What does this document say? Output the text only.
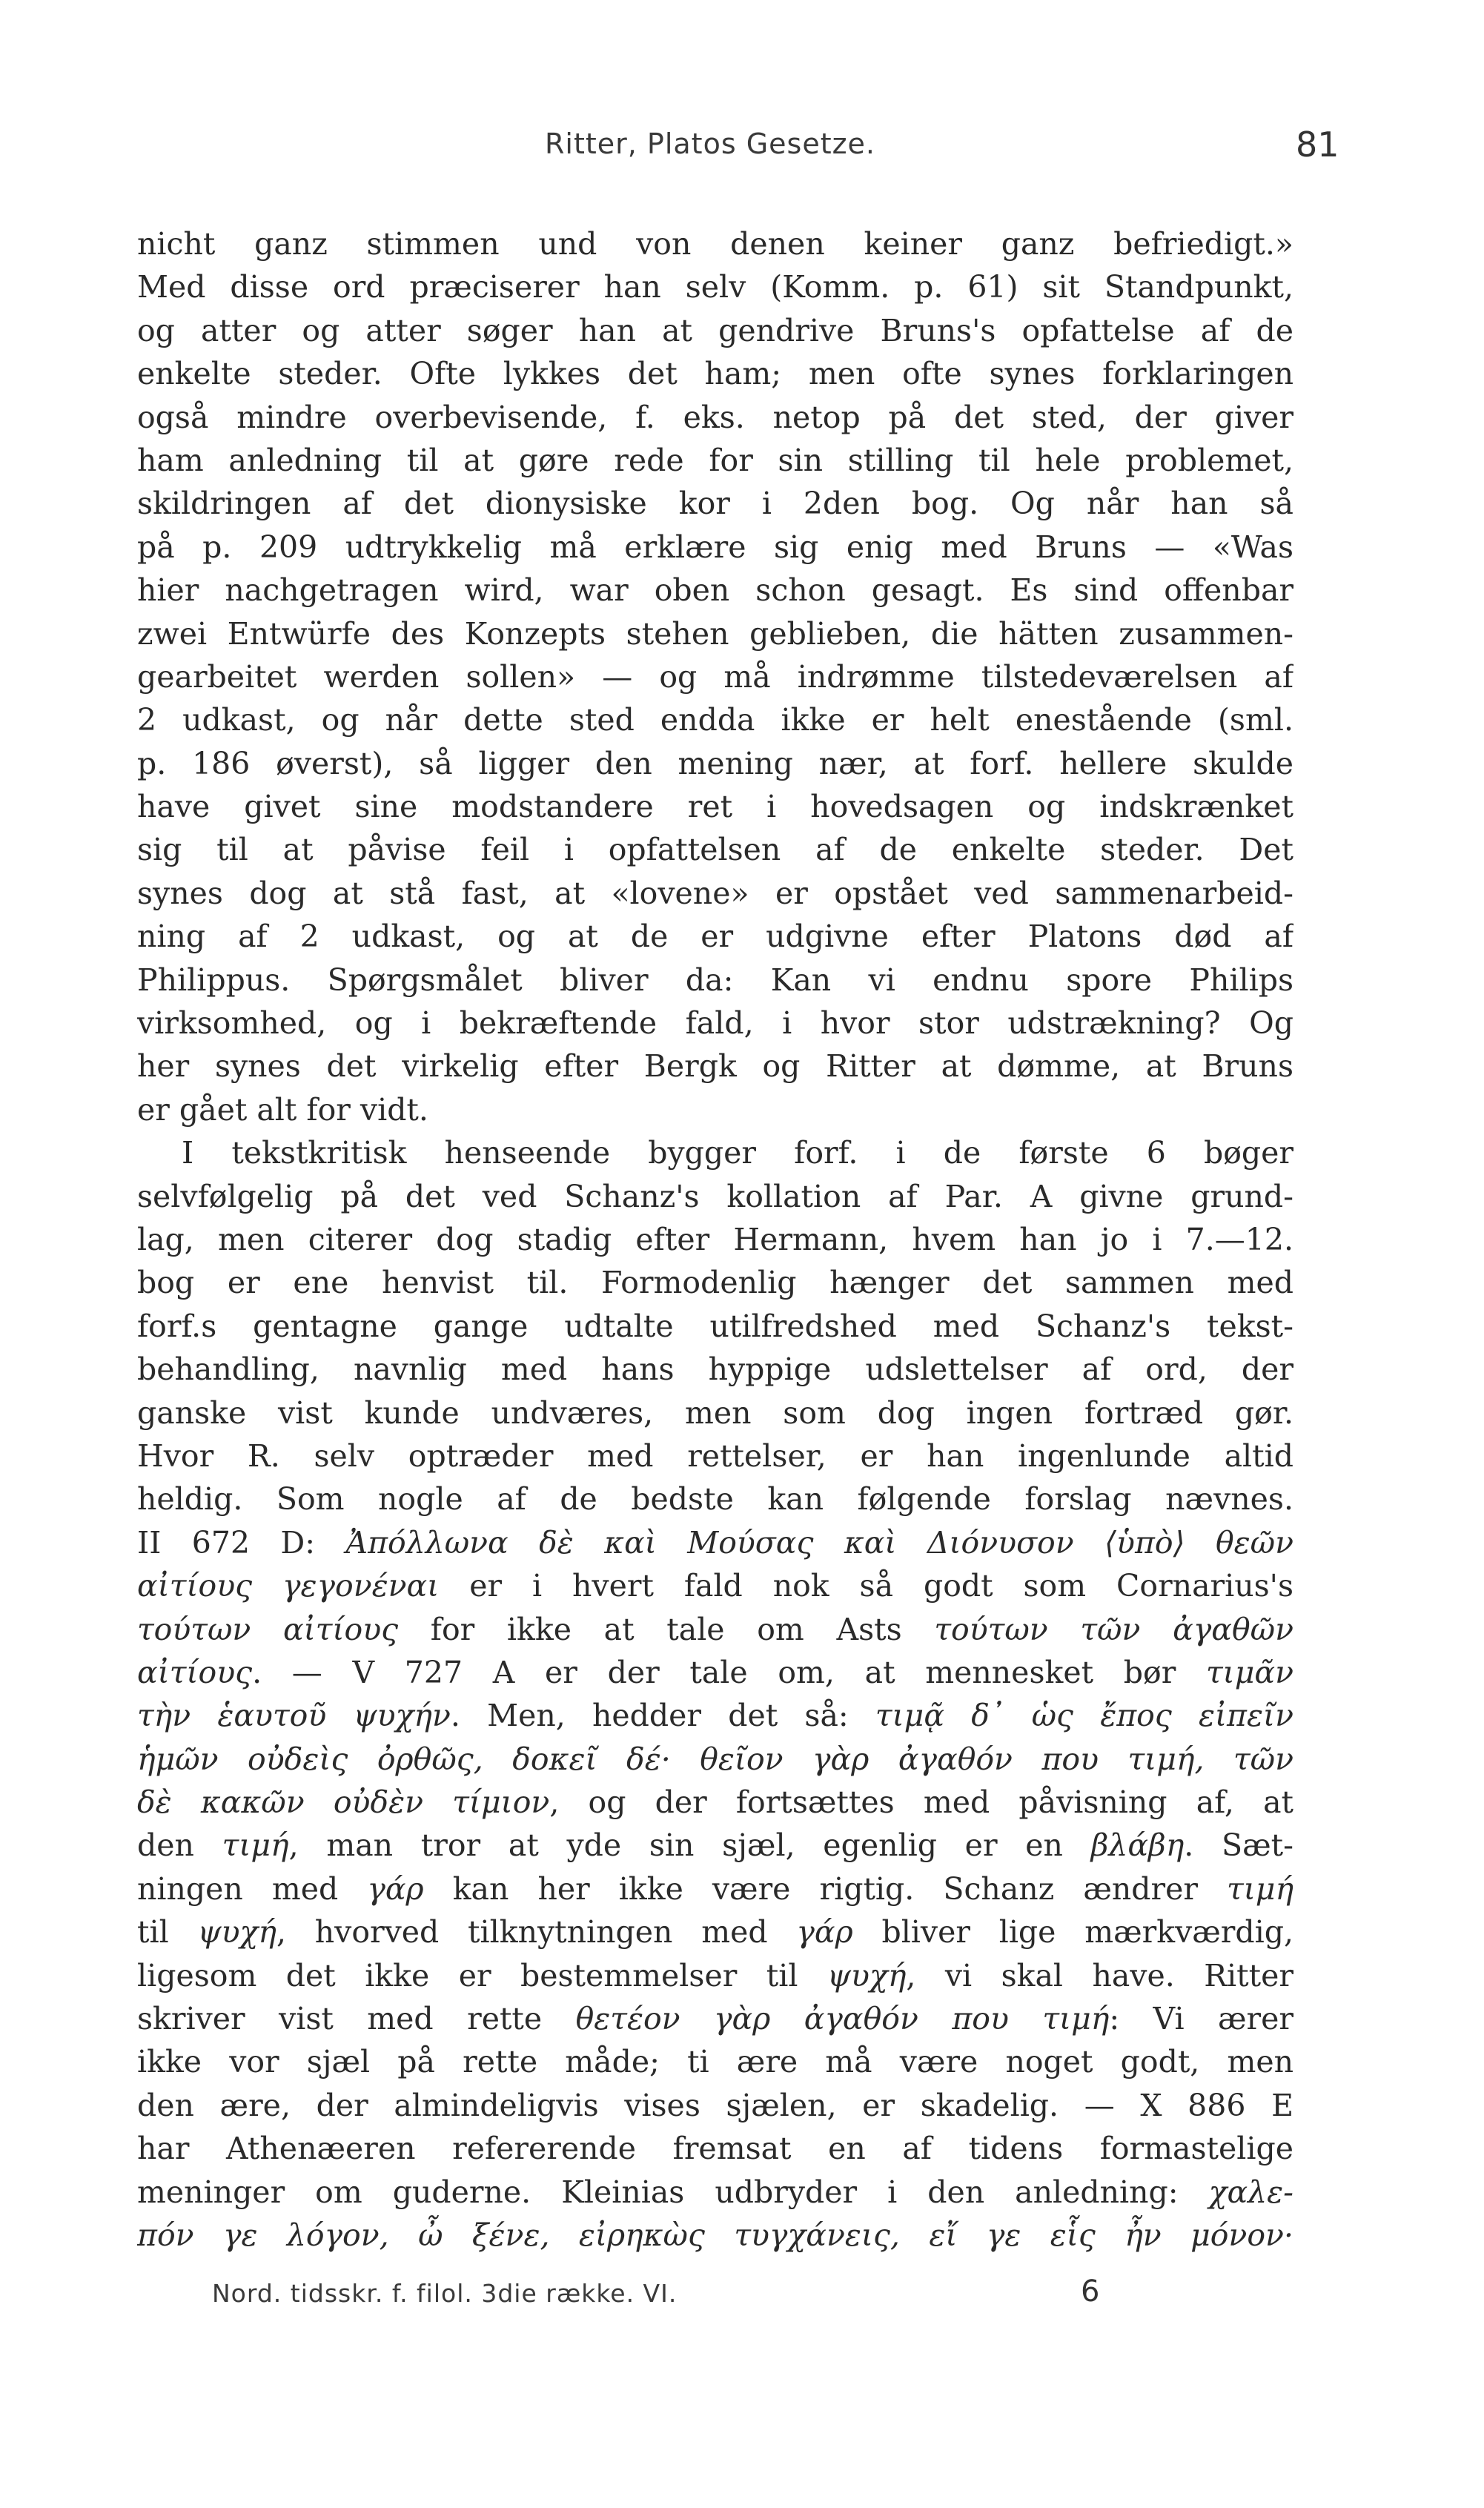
Ritter, Platos Gesetze.	81
nicht ganz stimmen und von denen keiner ganz befriedigt.»
Med disse ord præciserer han selv (Komm. p. 61) sit Standpunkt,
og atter og atter søger han at gendrive Bruns's opfattelse af de
enkelte steder. Ofte lykkes det ham; men ofte synes forklaringen
også mindre overbevisende, f. eks. netop på det sted, der giver
ham anledning til at gøre rede for sin stilling til hele problemet,
skildringen af det dionysiske kor i 2den bog. Og når han så
på p. 209 udtrykkelig må erklære sig enig med Bruns — «Was
hier nachgetragen wird, war oben schon gesagt. Es sind offenbar
zwei Entwürfe des Konzepts stehen geblieben, die hätten zusammen-
gearbeitet werden sollen» — og må indrømme tilstedeværelsen af
2 udkast, og når dette sted endda ikke er helt enestående (sml.
p. 186 øverst), så ligger den mening nær, at forf. hellere skulde
have givet sine modstandere ret i hovedsagen og indskrænket
sig til at påvise feil i opfattelsen af de enkelte steder. Det
synes dog at stå fast, at «lovene» er opstået ved sammenarbeid-
ning af 2 udkast, og at de er udgivne efter Platons død af
Philippus. Spørgsmålet bliver da: Kan vi endnu spore Philips
virksomhed, og i bekræftende fald, i hvor stor udstrækning? Og
her synes det virkelig efter Bergk og Ritter at dømme, at Bruns
er gået alt for vidt.
I tekstkritisk henseende bygger forf. i de første 6 bøger
selvfølgelig på det ved Schanz's kollation af Par. A givne grund-
lag, men citerer dog stadig efter Hermann, hvem han jo i 7.—12.
bog er ene henvist til. Formodenlig hænger det sammen med
forf.s gentagne gange udtalte utilfredshed med Schanz's tekst-
behandling, navnlig med hans hyppige udslettelser af ord, der
ganske vist kunde undværes, men som dog ingen fortræd gør.
Hvor R. selv optræder med rettelser, er han ingenlunde altid
heldig. Som nogle af de bedste kan følgende forslag nævnes.
II 672 D: Ἀπόλλωνα δὲ καὶ Μούσας καὶ Διόνυσον ⟨ὑπὸ⟩ θεῶν
αἰτίους γεγονέναι er i hvert fald nok så godt som Cornarius's
τούτων αἰτίους for ikke at tale om Asts τούτων τῶν ἀγαθῶν
αἰτίους. — V 727 A er der tale om, at mennesket bør τιμᾶν
τὴν ἑαυτοῦ ψυχήν. Men, hedder det så: τιμᾷ δ᾽ ὡς ἔπος εἰπεῖν
ἡμῶν οὐδεὶς ὀρθῶς, δοκεῖ δέ· θεῖον γὰρ ἀγαθόν που τιμή, τῶν
δὲ κακῶν οὐδὲν τίμιον, og der fortsættes med påvisning af, at
den τιμή, man tror at yde sin sjæl, egenlig er en βλάβη. Sæt-
ningen med γάρ kan her ikke være rigtig. Schanz ændrer τιμή
til ψυχή, hvorved tilknytningen med γάρ bliver lige mærkværdig,
ligesom det ikke er bestemmelser til ψυχή, vi skal have. Ritter
skriver vist med rette θετέον γὰρ ἀγαθόν που τιμή: Vi ærer
ikke vor sjæl på rette måde; ti ære må være noget godt, men
den ære, der almindeligvis vises sjælen, er skadelig. — X 886 E
har Athenæeren refererende fremsat en af tidens formastelige
meninger om guderne. Kleinias udbryder i den anledning: χαλε-
πόν γε λόγον, ὦ ξένε, εἰρηκὼς τυγχάνεις, εἴ γε εἷς ἦν μόνον·
Nord. tidsskr. f. filol. 3die række. VI.	6
